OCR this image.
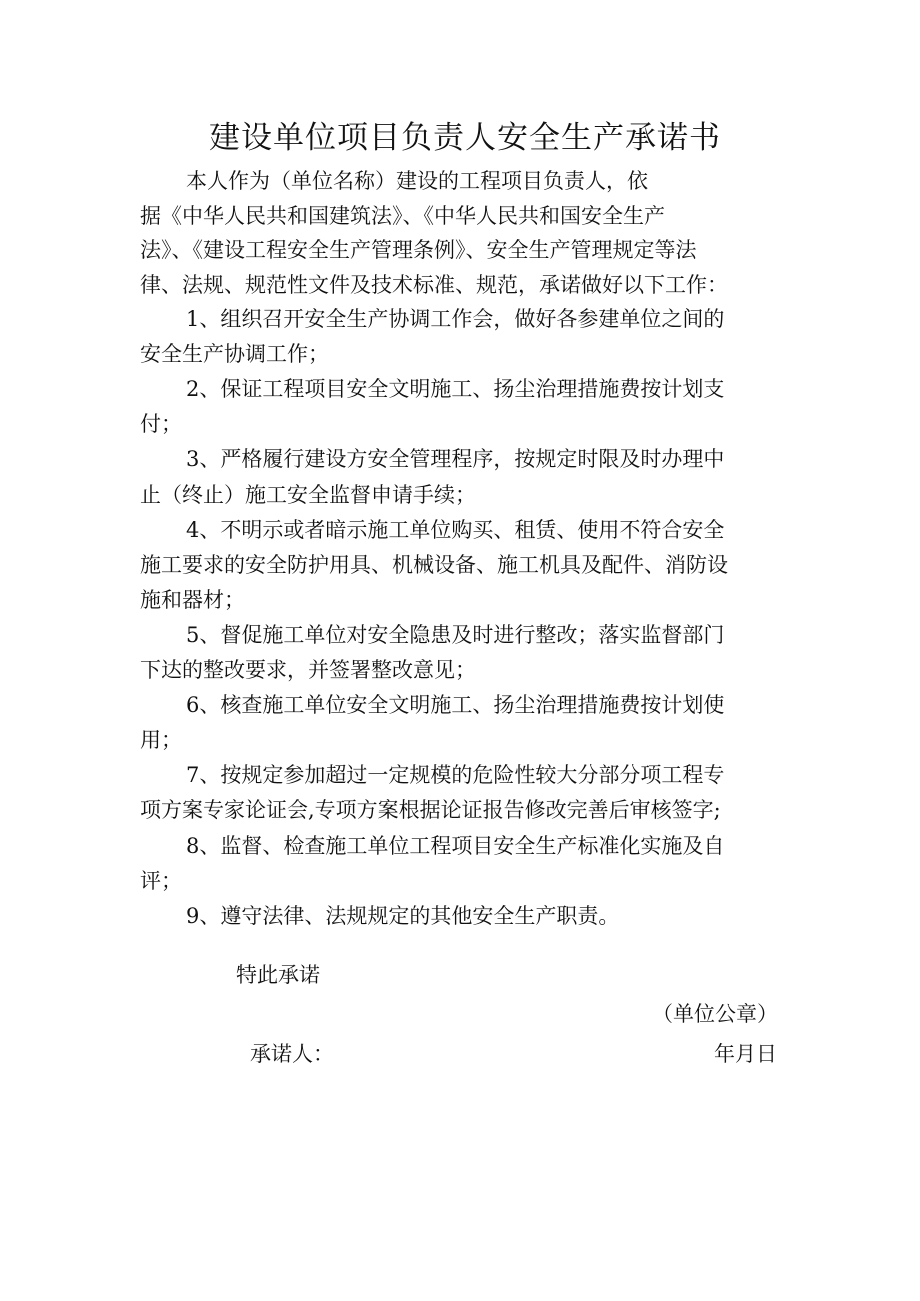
建设单位项目负责人安全生产承诺书
本人作为（单位名称）建设的工程项目负责人，依
据《中华人民共和国建筑法》、《中华人民共和国安全生产
法》、《建设工程安全生产管理条例》、安全生产管理规定等法
律、法规、规范性文件及技术标准、规范，承诺做好以下工作：
1、组织召开安全生产协调工作会，做好各参建单位之间的
安全生产协调工作；
2、保证工程项目安全文明施工、扬尘治理措施费按计划支
付；
3、严格履行建设方安全管理程序，按规定时限及时办理中
止（终止）施工安全监督申请手续；
4、不明示或者暗示施工单位购买、租赁、使用不符合安全
施工要求的安全防护用具、机械设备、施工机具及配件、消防设
施和器材；
5、督促施工单位对安全隐患及时进行整改；落实监督部门
下达的整改要求，并签署整改意见；
6、核查施工单位安全文明施工、扬尘治理措施费按计划使
用；
7、按规定参加超过一定规模的危险性较大分部分项工程专
项方案专家论证会,专项方案根据论证报告修改完善后审核签字;
8、监督、检查施工单位工程项目安全生产标准化实施及自
评；
9、遵守法律、法规规定的其他安全生产职责。
特此承诺
（单位公章）
承诺人：	年月日
